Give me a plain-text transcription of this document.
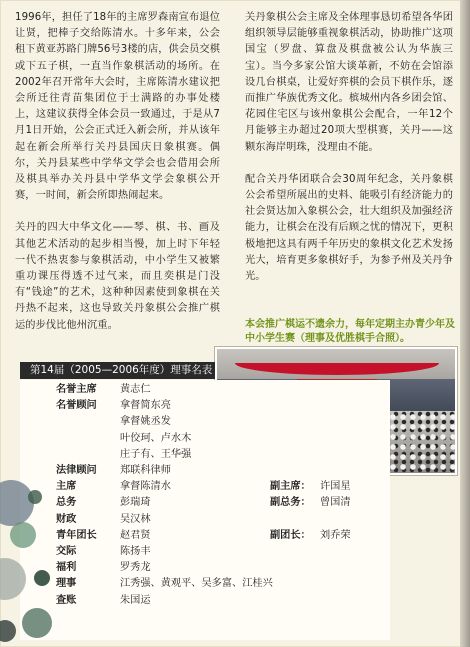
1996年，担任了18年的主席罗森南宣布退位让贤，把棒子交给陈清水。十多年来，公会租下黄亚苏路门牌56号3楼的店，供会员交棋或下五子棋，一直当作象棋活动的场所。在2002年召开常年大会时，主席陈清水建议把会所迁往青苗集团位于士满路的办事处楼上，这建议获得全体会员一致通过，于是从7月1日开始，公会正式迁入新会所，并从该年起在新会所举行关丹县国庆日象棋赛。偶尔，关丹县某些中学华文学会也会借用会所及棋具举办关丹县中学华文学会象棋公开赛，一时间，新会所即热闹起来。

关丹的四大中华文化——琴、棋、书、画及其他艺术活动的起步相当慢，加上时下年轻一代不热衷参与象棋活动，中小学生又被繁重功课压得透不过气来，而且奕棋是门没有“钱途”的艺术，这种种因素使到象棋在关丹热不起来，这也导致关丹象棋公会推广棋运的步伐比他州沉重。

关丹象棋公会主席及全体理事恳切希望各华团组织领导层能够重视象棋活动，协助推广这项国宝（罗盘、算盘及棋盘被公认为华族三宝）。当今多家公馆大谈革新，不妨在会馆添设几台棋桌，让爱好弈棋的会员下棋作乐，逐而推广华族优秀文化。槟城州内各乡团会馆、花园住宅区与该州象棋公会配合，一年12个月能够主办超过20项大型棋赛，关丹——这颗东海岸明珠，没理由不能。

配合关丹华团联合会30周年纪念，关丹象棋公会希望所展出的史料、能吸引有经济能力的社会贤达加入象棋公会，壮大组织及加强经济能力，让棋会在没有后顾之忧的情况下，更积极地把这具有两千年历史的象棋文化艺术发扬光大，培育更多象棋好手，为参予州及关丹争光。

本会推广棋运不遗余力，每年定期主办青少年及中小学生赛（理事及优胜棋手合照）。
名誉主席	黄志仁
名誉顾问	拿督简东亮
拿督姚丞发
叶佼珂、卢水木
庄子有、王华强
法律顾问	郑联科律师
主席	拿督陈清水	副主席： 许国星
总务	彭瑞琦	副总务： 曾国清
财政	吴汉林
青年团长	赵君贤	副团长： 刘乔荣
交际	陈扬丰
福利	罗秀龙
理事	江秀强、黄观平、吴多富、江桂兴
查账	朱国运
第14届（2005—2006年度）理事名表
